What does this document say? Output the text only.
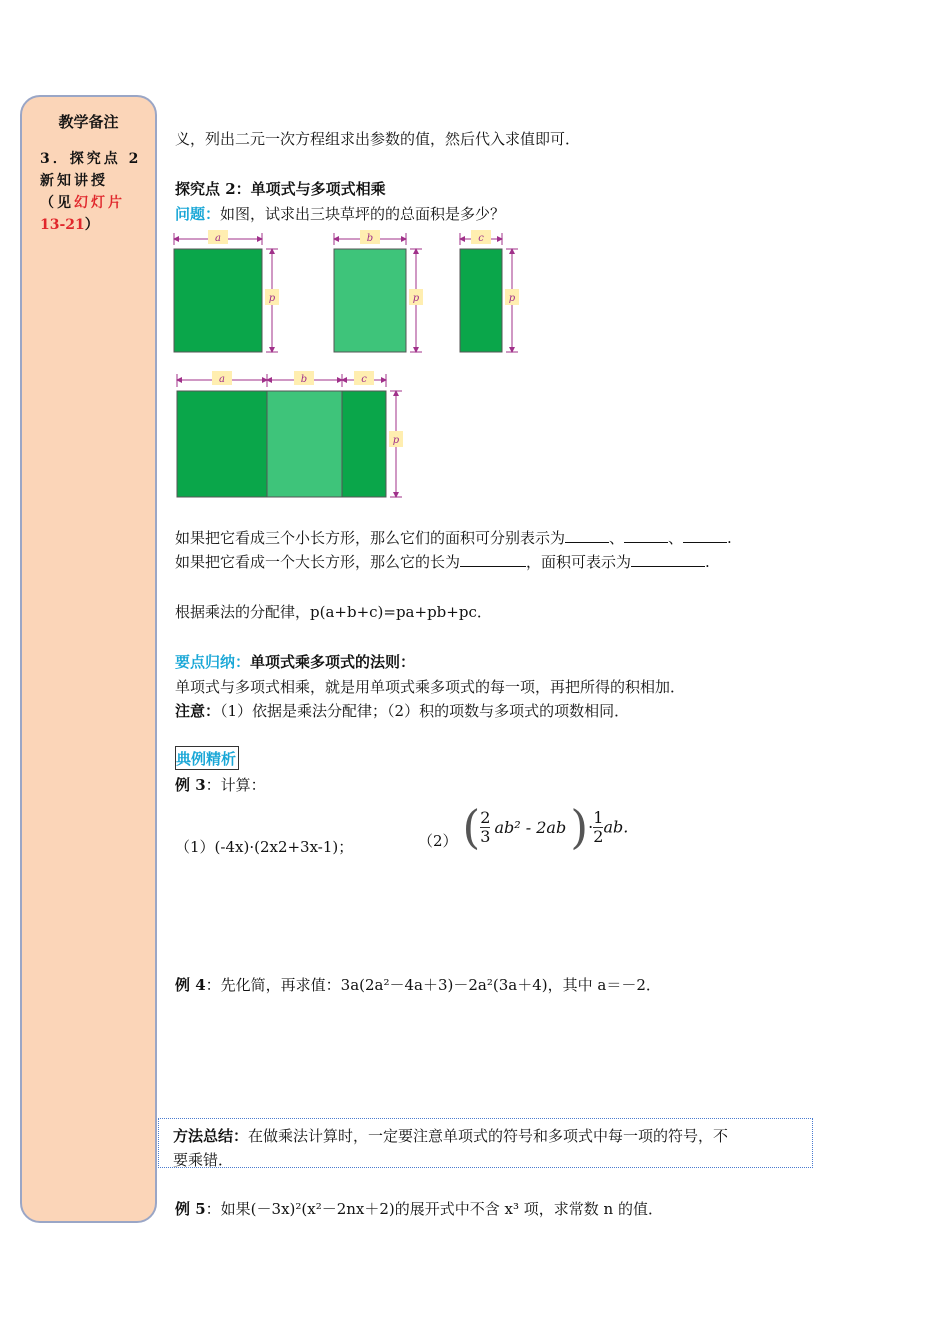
教学备注
3．探究点 2
新知讲授
（见幻灯片
13-21）
义，列出二元一次方程组求出参数的值，然后代入求值即可．
探究点 2：单项式与多项式相乘
问题：如图，试求出三块草坪的的总面积是多少？
a
p
b
p
c
p
a	b	c
p
如果把它看成三个小长方形，那么它们的面积可分别表示为	、	、	.
如果把它看成一个大长方形，那么它的长为	，面积可表示为	.
根据乘法的分配律，p(a+b+c)=pa+pb+pc．
要点归纳：单项式乘多项式的法则：
单项式与多项式相乘，就是用单项式乘多项式的每一项，再把所得的积相加．
注意：（1）依据是乘法分配律；（2）积的项数与多项式的项数相同．
典例精析
例 3：计算：
（1）(-4x)·(2x2+3x-1)；	（2） ( $\frac{2}{3} ab^2 - 2ab)\cdot \frac{1}{2}$ ab.
例 4：先化简，再求值：3a(2a²－4a＋3)－2a²(3a＋4)，其中 a＝－2．
例 5：如果(－3x)²(x²－2nx＋2)的展开式中不含 x³ 项，求常数 n 的值．
方法总结：在做乘法计算时，一定要注意单项式的符号和多项式中每一项的符号，不
要乘错．
